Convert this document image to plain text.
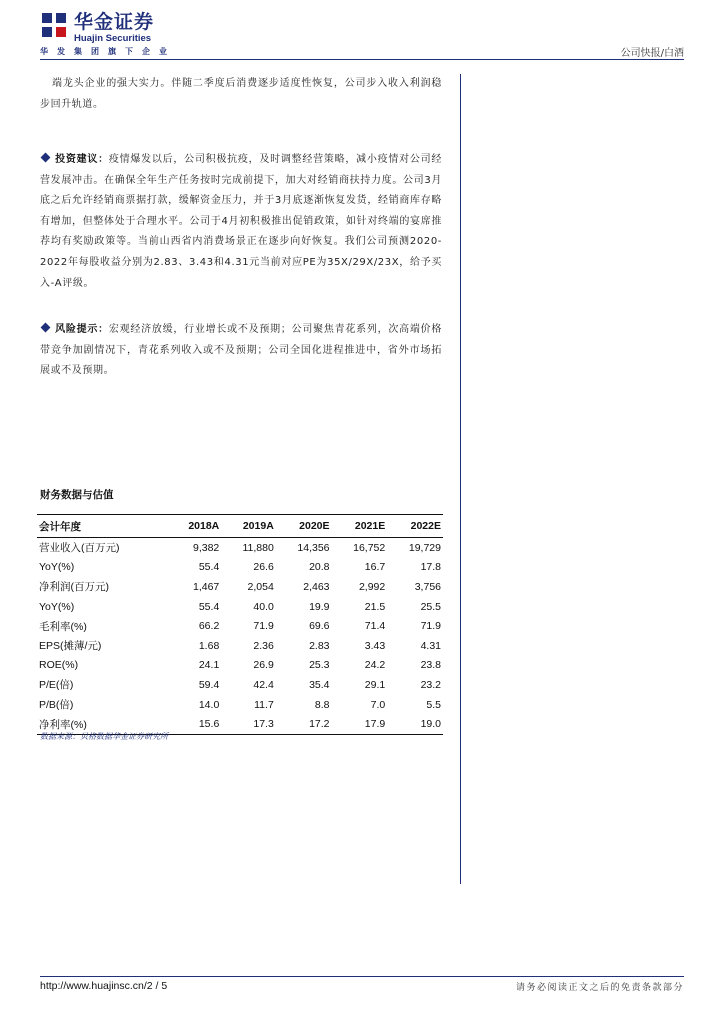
华金证券
Huajin Securities
华发集团旗下企业	公司快报/白酒
端龙头企业的强大实力。伴随二季度后消费逐步适度性恢复，公司步入收入利润稳步回升轨道。
投资建议：疫情爆发以后，公司积极抗疫，及时调整经营策略，减小疫情对公司经营发展冲击。在确保全年生产任务按时完成前提下，加大对经销商扶持力度。公司3月底之后允许经销商票据打款，缓解资金压力，并于3月底逐渐恢复发货，经销商库存略有增加，但整体处于合理水平。公司于4月初积极推出促销政策，如针对终端的宴席推荐均有奖励政策等。当前山西省内消费场景正在逐步向好恢复。我们公司预测2020-2022年每股收益分别为2.83、3.43和4.31元当前对应PE为35X/29X/23X，给予买入-A评级。
风险提示：宏观经济放缓，行业增长或不及预期；公司聚焦青花系列，次高端价格带竞争加剧情况下，青花系列收入或不及预期；公司全国化进程推进中，省外市场拓展或不及预期。
财务数据与估值
会计年度	2018A	2019A	2020E	2021E	2022E
营业收入(百万元)	9,382	11,880	14,356	16,752	19,729
YoY(%)	55.4	26.6	20.8	16.7	17.8
净利润(百万元)	1,467	2,054	2,463	2,992	3,756
YoY(%)	55.4	40.0	19.9	21.5	25.5
毛利率(%)	66.2	71.9	69.6	71.4	71.9
EPS(摊薄/元)	1.68	2.36	2.83	3.43	4.31
ROE(%)	24.1	26.9	25.3	24.2	23.8
P/E(倍)	59.4	42.4	35.4	29.1	23.2
P/B(倍)	14.0	11.7	8.8	7.0	5.5
净利率(%)	15.6	17.3	17.2	17.9	19.0
数据来源：贝格数据华金证券研究所
http://www.huajinsc.cn/2 / 5	请务必阅读正文之后的免责条款部分
